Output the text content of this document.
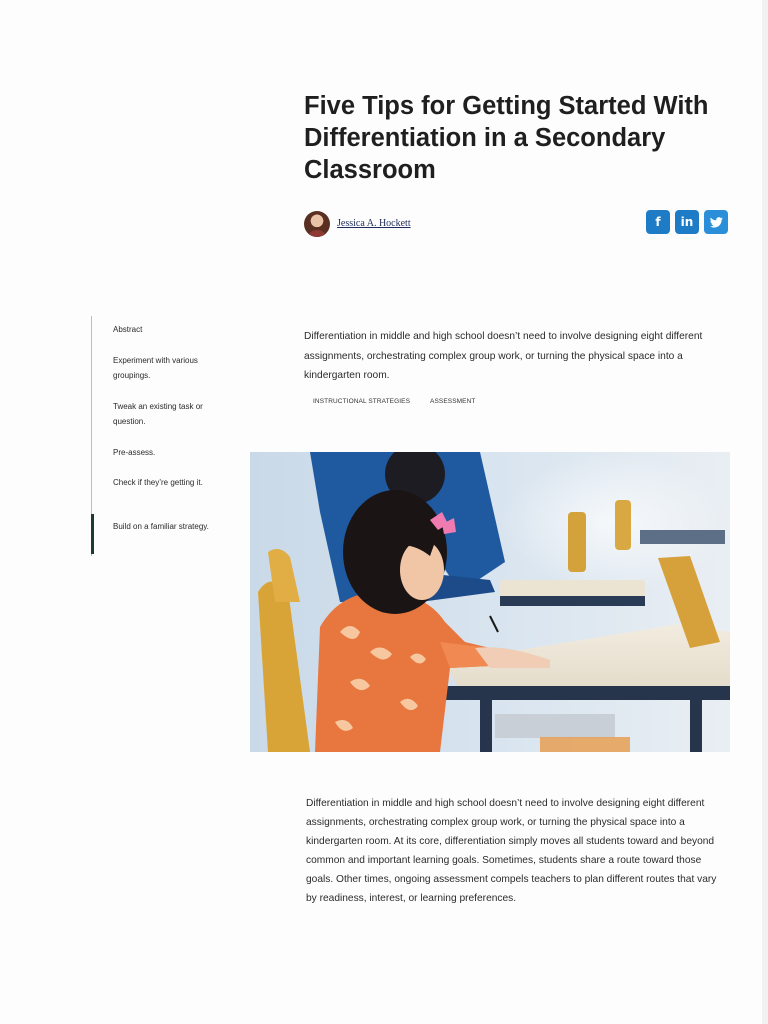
Five Tips for Getting Started With Differentiation in a Secondary Classroom
Jessica A. Hockett	f in
Abstract
Experiment with various groupings.
Tweak an existing task or question.
Pre-assess.
Check if they’re getting it.
Build on a familiar strategy.

Differentiation in middle and high school doesn’t need to involve designing eight different assignments, orchestrating complex group work, or turning the physical space into a kindergarten room.

INSTRUCTIONAL STRATEGIES	ASSESSMENT

Differentiation in middle and high school doesn’t need to involve designing eight different assignments, orchestrating complex group work, or turning the physical space into a kindergarten room. At its core, differentiation simply moves all students toward and beyond common and important learning goals. Sometimes, students share a route toward those goals. Other times, ongoing assessment compels teachers to plan different routes that vary by readiness, interest, or learning preferences.
